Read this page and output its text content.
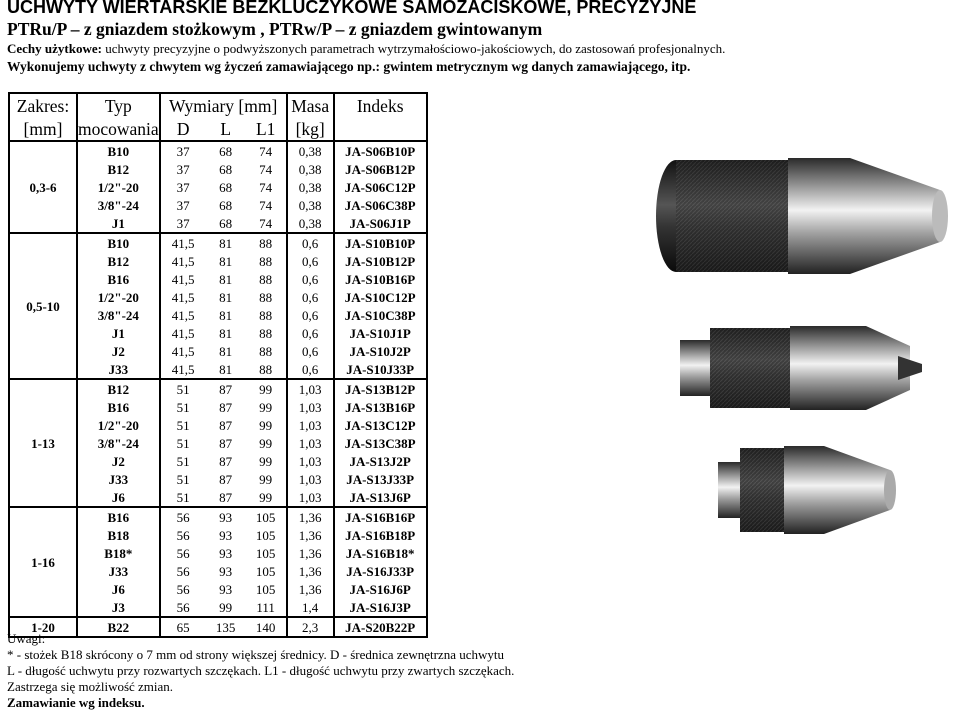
UCHWYTY WIERTARSKIE BEZKLUCZYKOWE SAMOZACISKOWE, PRECYZYJNE
PTRu/P – z gniazdem stożkowym , PTRw/P – z gniazdem gwintowanym
Cechy użytkowe: uchwyty precyzyjne o podwyższonych parametrach wytrzymałościowo-jakościowych, do zastosowań profesjonalnych.
Wykonujemy uchwyty z chwytem wg życzeń zamawiającego np.: gwintem metrycznym wg danych zamawiającego, itp.
Zakres:	Typ	Wymiary [mm]			Masa	Indeks
[mm]	mocowania	D	L	L1	[kg]	
0,3-6	B10	37	68	74	0,38	JA-S06B10P
	B12	37	68	74	0,38	JA-S06B12P
	1/2"-20	37	68	74	0,38	JA-S06C12P
	3/8"-24	37	68	74	0,38	JA-S06C38P
	J1	37	68	74	0,38	JA-S06J1P
0,5-10	B10	41,5	81	88	0,6	JA-S10B10P
	B12	41,5	81	88	0,6	JA-S10B12P
	B16	41,5	81	88	0,6	JA-S10B16P
	1/2"-20	41,5	81	88	0,6	JA-S10C12P
	3/8"-24	41,5	81	88	0,6	JA-S10C38P
	J1	41,5	81	88	0,6	JA-S10J1P
	J2	41,5	81	88	0,6	JA-S10J2P
	J33	41,5	81	88	0,6	JA-S10J33P
1-13	B12	51	87	99	1,03	JA-S13B12P
	B16	51	87	99	1,03	JA-S13B16P
	1/2"-20	51	87	99	1,03	JA-S13C12P
	3/8"-24	51	87	99	1,03	JA-S13C38P
	J2	51	87	99	1,03	JA-S13J2P
	J33	51	87	99	1,03	JA-S13J33P
	J6	51	87	99	1,03	JA-S13J6P
1-16	B16	56	93	105	1,36	JA-S16B16P
	B18	56	93	105	1,36	JA-S16B18P
	B18*	56	93	105	1,36	JA-S16B18*
	J33	56	93	105	1,36	JA-S16J33P
	J6	56	93	105	1,36	JA-S16J6P
	J3	56	99	111	1,4	JA-S16J3P
1-20	B22	65	135	140	2,3	JA-S20B22P
Uwagi:
* - stożek B18 skrócony o 7 mm od strony większej średnicy. D - średnica zewnętrzna uchwytu
L - długość uchwytu przy rozwartych szczękach. L1 - długość uchwytu przy zwartych szczękach.
Zastrzega się możliwość zmian.
Zamawianie wg indeksu.
